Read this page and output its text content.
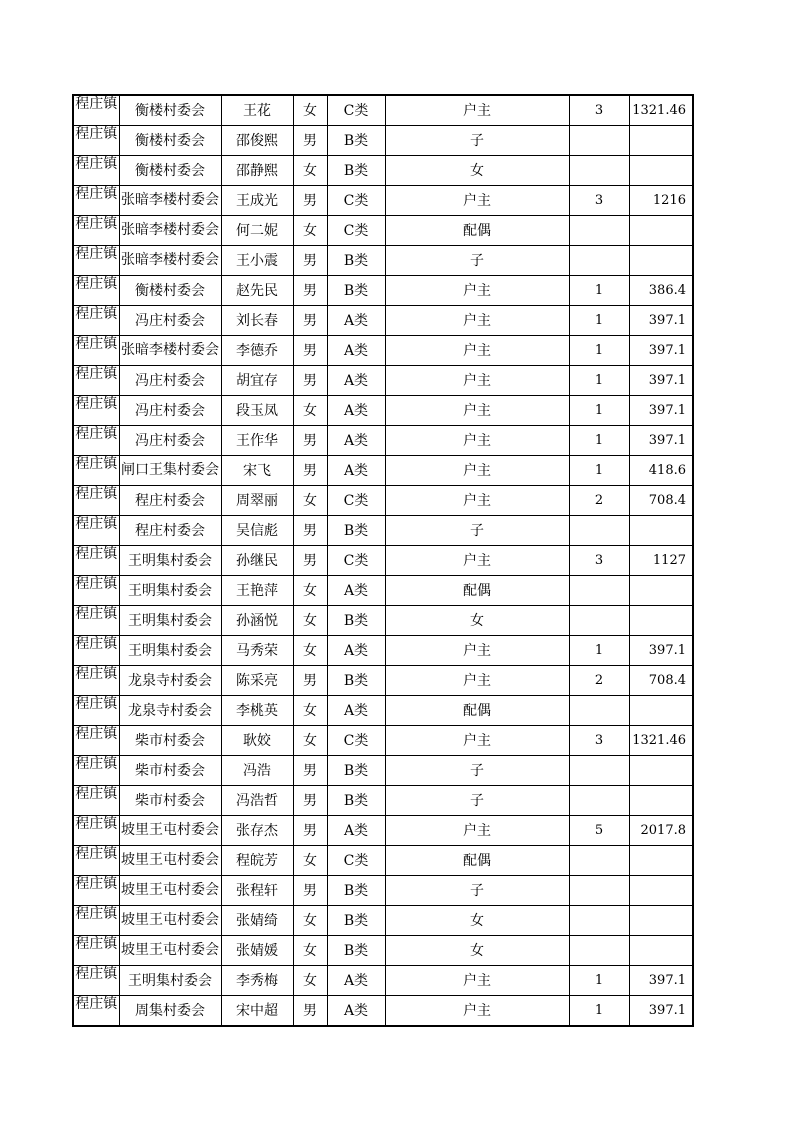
程庄镇	衡楼村委会	王花	女	C类	户主	3	1321.46

程庄镇	衡楼村委会	邵俊熙	男	B类	子		

程庄镇	衡楼村委会	邵静熙	女	B类	女		

程庄镇	张暗李楼村委会	王成光	男	C类	户主	3	1216

程庄镇	张暗李楼村委会	何二妮	女	C类	配偶		

程庄镇	张暗李楼村委会	王小震	男	B类	子		

程庄镇	衡楼村委会	赵先民	男	B类	户主	1	386.4

程庄镇	冯庄村委会	刘长春	男	A类	户主	1	397.1

程庄镇	张暗李楼村委会	李德乔	男	A类	户主	1	397.1

程庄镇	冯庄村委会	胡宜存	男	A类	户主	1	397.1

程庄镇	冯庄村委会	段玉凤	女	A类	户主	1	397.1

程庄镇	冯庄村委会	王作华	男	A类	户主	1	397.1

程庄镇	闸口王集村委会	宋飞	男	A类	户主	1	418.6

程庄镇	程庄村委会	周翠丽	女	C类	户主	2	708.4

程庄镇	程庄村委会	吴信彪	男	B类	子		

程庄镇	王明集村委会	孙继民	男	C类	户主	3	1127

程庄镇	王明集村委会	王艳萍	女	A类	配偶		

程庄镇	王明集村委会	孙涵悦	女	B类	女		

程庄镇	王明集村委会	马秀荣	女	A类	户主	1	397.1

程庄镇	龙泉寺村委会	陈采亮	男	B类	户主	2	708.4

程庄镇	龙泉寺村委会	李桃英	女	A类	配偶		

程庄镇	柴市村委会	耿姣	女	C类	户主	3	1321.46

程庄镇	柴市村委会	冯浩	男	B类	子		

程庄镇	柴市村委会	冯浩哲	男	B类	子		

程庄镇	坡里王屯村委会	张存杰	男	A类	户主	5	2017.8

程庄镇	坡里王屯村委会	程皖芳	女	C类	配偶		

程庄镇	坡里王屯村委会	张程轩	男	B类	子		

程庄镇	坡里王屯村委会	张婧绮	女	B类	女		

程庄镇	坡里王屯村委会	张婧媛	女	B类	女		

程庄镇	王明集村委会	李秀梅	女	A类	户主	1	397.1

程庄镇	周集村委会	宋中超	男	A类	户主	1	397.1
